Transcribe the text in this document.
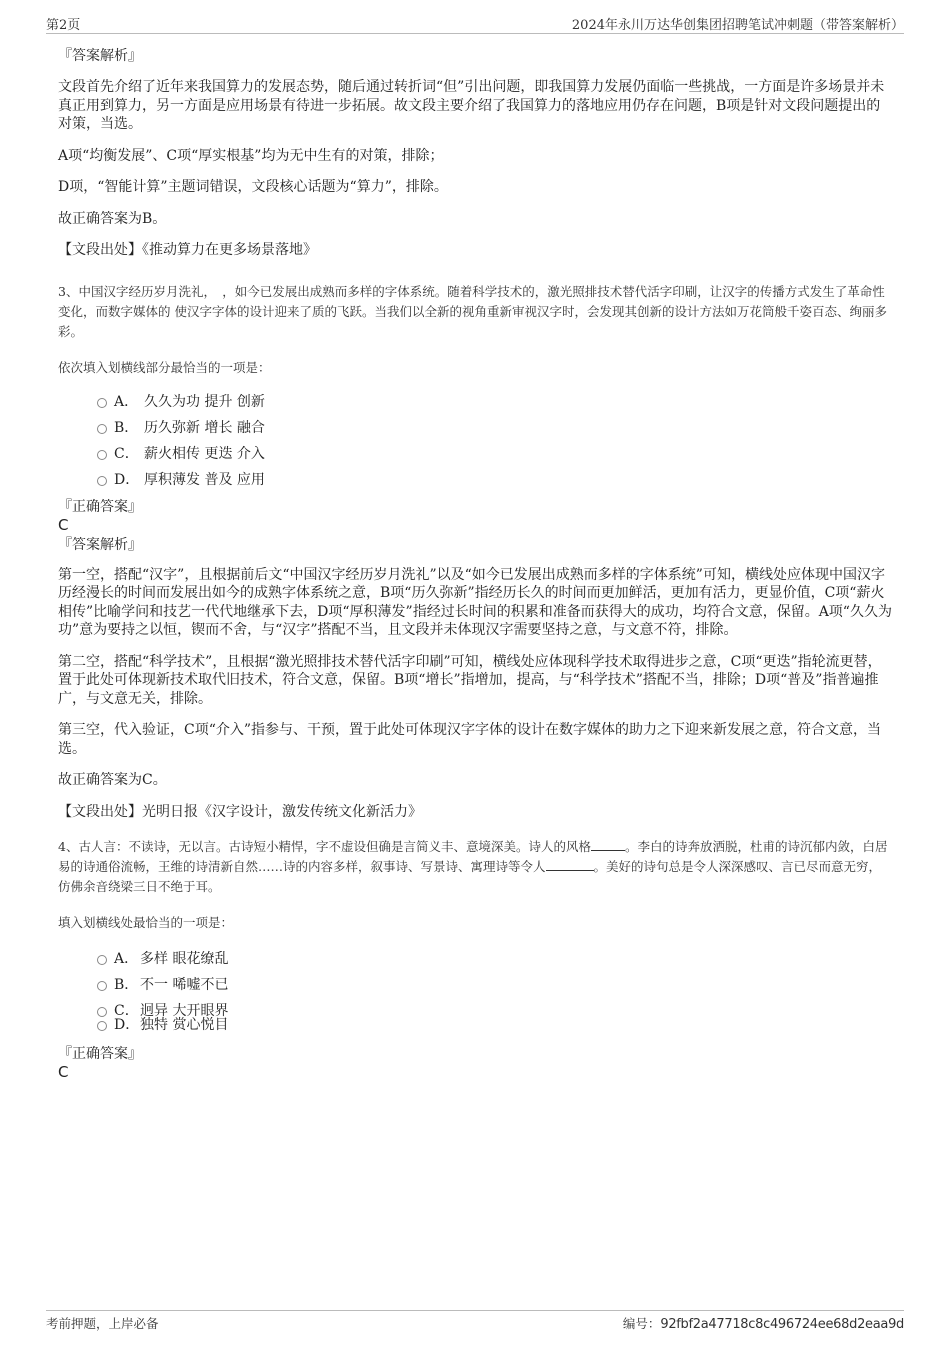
第2页	2024年永川万达华创集团招聘笔试冲刺题（带答案解析）
『答案解析』

文段首先介绍了近年来我国算力的发展态势，随后通过转折词“但”引出问题，即我国算力发展仍面临一些挑战，一方面是许多场景并未真正用到算力，另一方面是应用场景有待进一步拓展。故文段主要介绍了我国算力的落地应用仍存在问题，B项是针对文段问题提出的对策，当选。

A项“均衡发展”、C项“厚实根基”均为无中生有的对策，排除；

D项，“智能计算”主题词错误，文段核心话题为“算力”，排除。

故正确答案为B。

【文段出处】《推动算力在更多场景落地》

3、中国汉字经历岁月洗礼，　，如今已发展出成熟而多样的字体系统。随着科学技术的，激光照排技术替代活字印刷，让汉字的传播方式发生了革命性变化，而数字媒体的 使汉字字体的设计迎来了质的飞跃。当我们以全新的视角重新审视汉字时，会发现其创新的设计方法如万花筒般千姿百态、绚丽多彩。

依次填入划横线部分最恰当的一项是：

A． 久久为功 提升 创新
B． 历久弥新 增长 融合
C． 薪火相传 更迭 介入
D． 厚积薄发 普及 应用
『正确答案』
C
『答案解析』

第一空，搭配“汉字”，且根据前后文“中国汉字经历岁月洗礼”以及“如今已发展出成熟而多样的字体系统”可知，横线处应体现中国汉字历经漫长的时间而发展出如今的成熟字体系统之意，B项“历久弥新”指经历长久的时间而更加鲜活，更加有活力，更显价值，C项“薪火相传”比喻学问和技艺一代代地继承下去，D项“厚积薄发”指经过长时间的积累和准备而获得大的成功，均符合文意，保留。A项“久久为功”意为要持之以恒，锲而不舍，与“汉字”搭配不当，且文段并未体现汉字需要坚持之意，与文意不符，排除。

第二空，搭配“科学技术”，且根据“激光照排技术替代活字印刷”可知，横线处应体现科学技术取得进步之意，C项“更迭”指轮流更替，置于此处可体现新技术取代旧技术，符合文意，保留。B项“增长”指增加，提高，与“科学技术”搭配不当，排除；D项“普及”指普遍推广，与文意无关，排除。

第三空，代入验证，C项“介入”指参与、干预，置于此处可体现汉字字体的设计在数字媒体的助力之下迎来新发展之意，符合文意，当选。

故正确答案为C。

【文段出处】光明日报《汉字设计，激发传统文化新活力》

4、古人言：不读诗，无以言。古诗短小精悍，字不虚设但确是言简义丰、意境深美。诗人的风格	。李白的诗奔放洒脱，杜甫的诗沉郁内敛，白居易的诗通俗流畅，王维的诗清新自然……诗的内容多样，叙事诗、写景诗、寓理诗等令人	。美好的诗句总是令人深深感叹、言已尽而意无穷，仿佛余音绕梁三日不绝于耳。

填入划横线处最恰当的一项是：

A． 多样 眼花缭乱
B． 不一 唏嘘不已
C．迥异 大开眼界
D．独特 赏心悦目
『正确答案』
C
考前押题，上岸必备	编号：92fbf2a47718c8c496724ee68d2eaa9d
